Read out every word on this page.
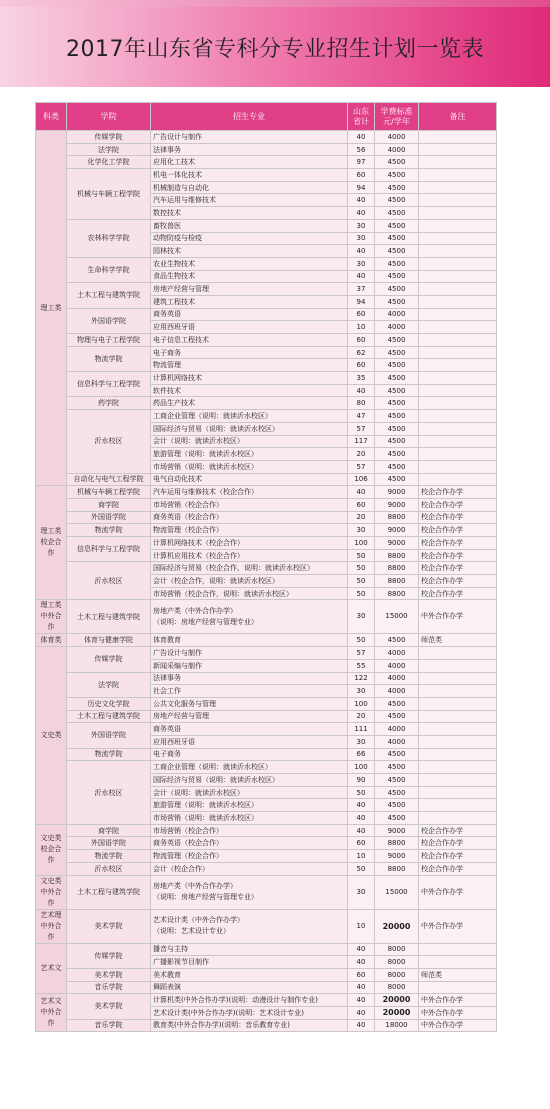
2017年山东省专科分专业招生计划一览表
科类	学院	招生专业	山东省计	学费标准元/学年	备注
理工类	传媒学院	广告设计与制作	40	4000	
	法学院	法律事务	56	4000	
	化学化工学院	应用化工技术	97	4500	
	机械与车辆工程学院	机电一体化技术	60	4500	
		机械制造与自动化	94	4500	
		汽车运用与维修技术	40	4500	
		数控技术	40	4500	
	农林科学学院	畜牧兽医	30	4500	
		动物防疫与检疫	30	4500	
		园林技术	40	4500	
	生命科学学院	农业生物技术	30	4500	
		食品生物技术	40	4500	
	土木工程与建筑学院	房地产经营与管理	37	4500	
		建筑工程技术	94	4500	
	外国语学院	商务英语	60	4000	
		应用西班牙语	10	4000	
	物理与电子工程学院	电子信息工程技术	60	4500	
	物流学院	电子商务	62	4500	
		物流管理	60	4500	
	信息科学与工程学院	计算机网络技术	35	4500	
		软件技术	40	4500	
	药学院	药品生产技术	80	4500	
	沂水校区	工商企业管理（说明：就读沂水校区）	47	4500	
		国际经济与贸易（说明：就读沂水校区）	57	4500	
		会计（说明：就读沂水校区）	117	4500	
		旅游管理（说明：就读沂水校区）	20	4500	
		市场营销（说明：就读沂水校区）	57	4500	
	自动化与电气工程学院	电气自动化技术	106	4500	
理工类校企合作	机械与车辆工程学院	汽车运用与维修技术（校企合作）	40	9000	校企合作办学
	商学院	市场营销（校企合作）	60	9000	校企合作办学
	外国语学院	商务英语（校企合作）	20	8800	校企合作办学
	物流学院	物流管理（校企合作）	30	9000	校企合作办学
	信息科学与工程学院	计算机网络技术（校企合作）	100	9000	校企合作办学
		计算机应用技术（校企合作）	50	8800	校企合作办学
	沂水校区	国际经济与贸易（校企合作，说明：就读沂水校区）	50	8800	校企合作办学
		会计（校企合作，说明：就读沂水校区）	50	8800	校企合作办学
		市场营销（校企合作，说明：就读沂水校区）	50	8800	校企合作办学
理工类中外合作	土木工程与建筑学院	房地产类（中外合作办学）
（说明：房地产经营与管理专业）	30	15000	中外合作办学
体育类	体育与健康学院	体育教育	50	4500	师范类
文史类	传媒学院	广告设计与制作	57	4000	
		新闻采编与制作	55	4000	
	法学院	法律事务	122	4000	
		社会工作	30	4000	
	历史文化学院	公共文化服务与管理	100	4500	
	土木工程与建筑学院	房地产经营与管理	20	4500	
	外国语学院	商务英语	111	4000	
		应用西班牙语	30	4000	
	物流学院	电子商务	66	4500	
	沂水校区	工商企业管理（说明：就读沂水校区）	100	4500	
		国际经济与贸易（说明：就读沂水校区）	90	4500	
		会计（说明：就读沂水校区）	50	4500	
		旅游管理（说明：就读沂水校区）	40	4500	
		市场营销（说明：就读沂水校区）	40	4500	
文史类校企合作	商学院	市场营销（校企合作）	40	9000	校企合作办学
	外国语学院	商务英语（校企合作）	60	8800	校企合作办学
	物流学院	物流管理（校企合作）	10	9000	校企合作办学
	沂水校区	会计（校企合作）	50	8800	校企合作办学
文史类中外合作	土木工程与建筑学院	房地产类（中外合作办学）
（说明：房地产经营与管理专业）	30	15000	中外合作办学
艺术理中外合作	美术学院	艺术设计类（中外合作办学）
（说明：艺术设计专业）	10	20000	中外合作办学
艺术文	传媒学院	播音与主持	40	8000	
		广播影视节目制作	40	8000	
	美术学院	美术教育	60	8000	师范类
	音乐学院	舞蹈表演	40	8000	
艺术文中外合作	美术学院	计算机类(中外合作办学)(说明：动漫设计与制作专业)	40	20000	中外合作办学
		艺术设计类(中外合作办学)(说明：艺术设计专业)	40	20000	中外合作办学
	音乐学院	教育类(中外合作办学)(说明：音乐教育专业)	40	18000	中外合作办学
